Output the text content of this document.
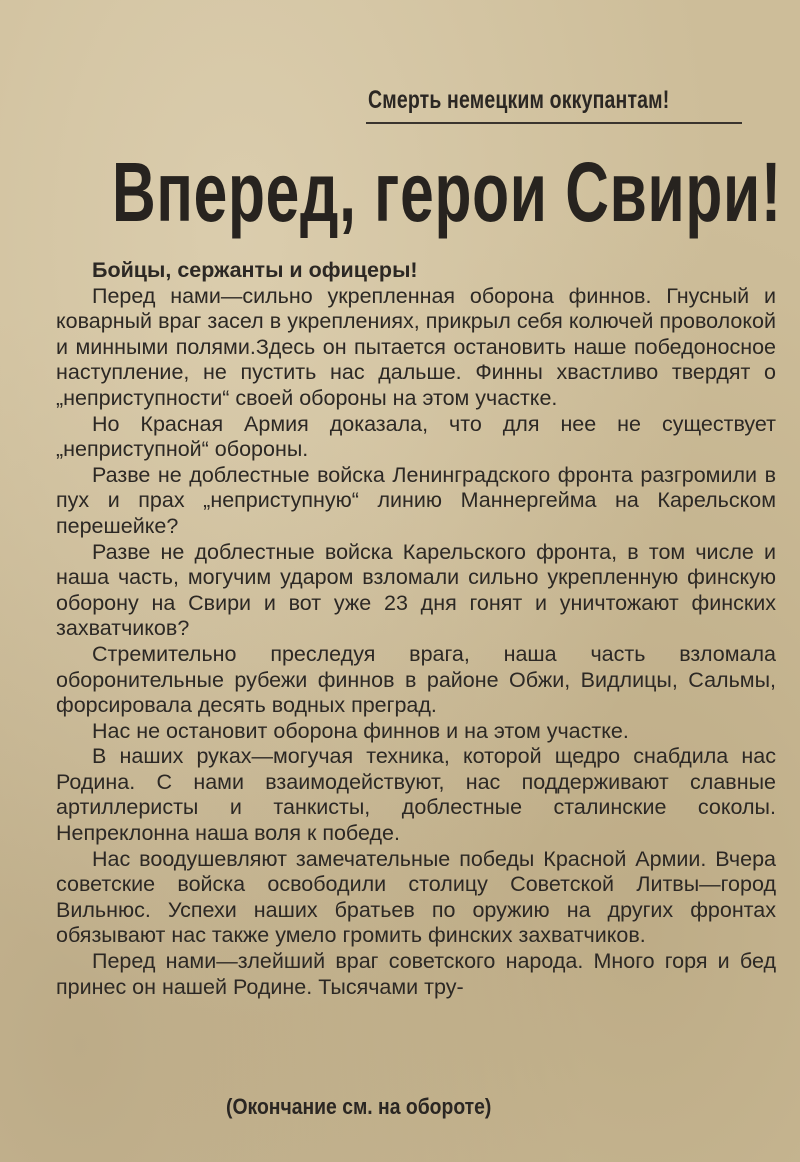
Смерть немецким оккупантам!
Вперед, герои Свири!

Бойцы, сержанты и офицеры!

Перед нами—сильно укрепленная оборона финнов. Гнусный и коварный враг засел в укреплениях, прикрыл себя колючей проволокой и минными полями.Здесь он пытается остановить наше победоносное наступление, не пустить нас дальше. Финны хвастливо твердят о „неприступности“ своей обороны на этом участке.

Но Красная Армия доказала, что для нее не существует „неприступной“ обороны.

Разве не доблестные войска Ленинградского фронта разгромили в пух и прах „неприступную“ линию Маннергейма на Карельском перешейке?

Разве не доблестные войска Карельского фронта, в том числе и наша часть, могучим ударом взломали сильно укрепленную финскую оборону на Свири и вот уже 23 дня гонят и уничтожают финских захватчиков?

Стремительно преследуя врага, наша часть взломала оборонительные рубежи финнов в районе Обжи, Видлицы, Сальмы, форсировала десять водных преград.

Нас не остановит оборона финнов и на этом участке.

В наших руках—могучая техника, которой щедро снабдила нас Родина. С нами взаимодействуют, нас поддерживают славные артиллеристы и танкисты, доблестные сталинские соколы. Непреклонна наша воля к победе.

Нас воодушевляют замечательные победы Красной Армии. Вчера советские войска освободили столицу Советской Литвы—город Вильнюс. Успехи наших братьев по оружию на других фронтах обязывают нас также умело громить финских захватчиков.

Перед нами—злейший враг советского народа. Много горя и бед принес он нашей Родине. Тысячами тру-

(Окончание см. на обороте)
